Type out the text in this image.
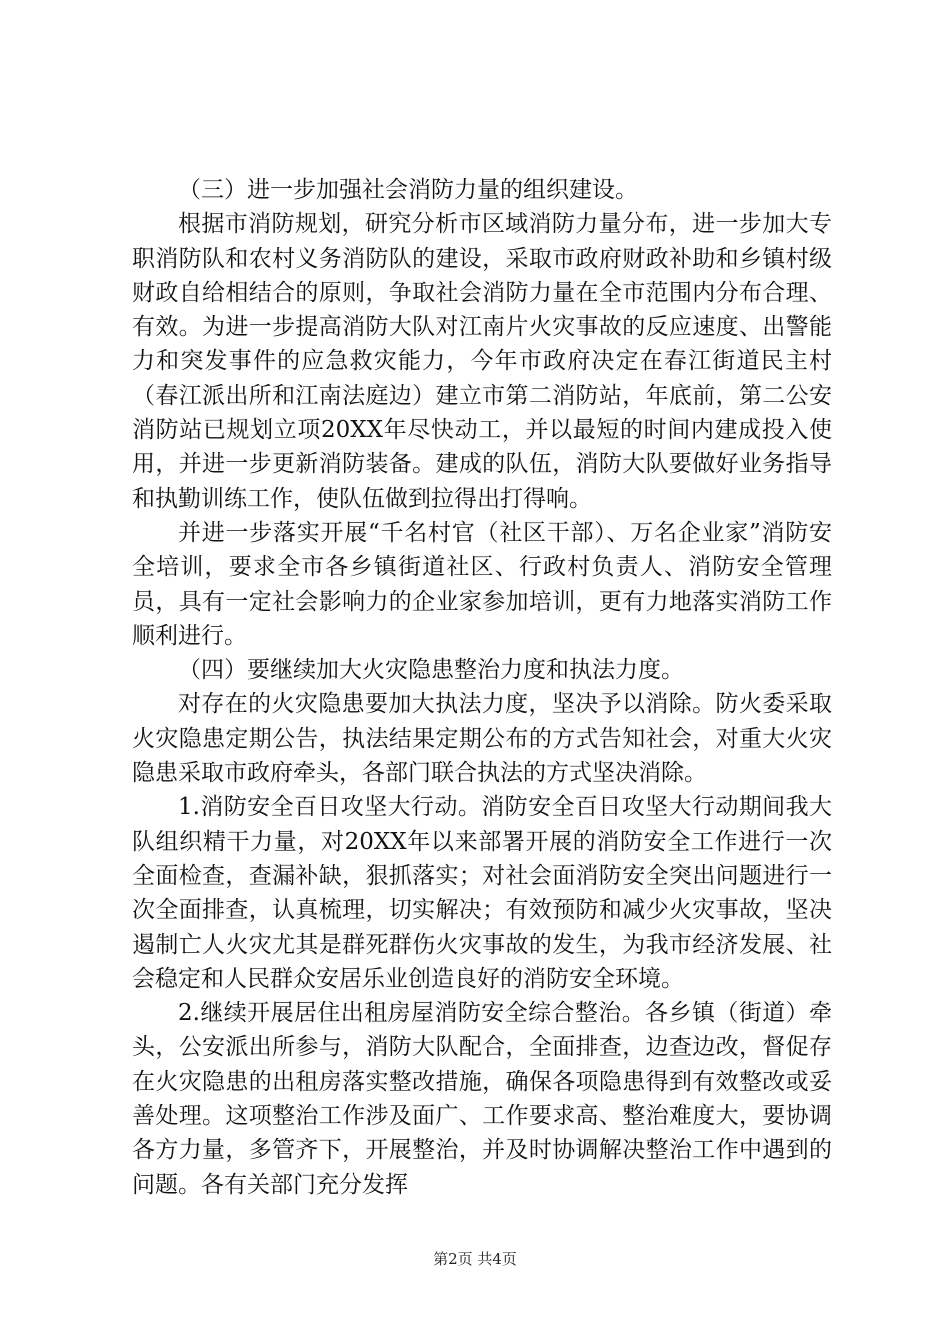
（三）进一步加强社会消防力量的组织建设。

根据市消防规划，研究分析市区域消防力量分布，进一步加大专职消防队和农村义务消防队的建设，采取市政府财政补助和乡镇村级财政自给相结合的原则，争取社会消防力量在全市范围内分布合理、有效。为进一步提高消防大队对江南片火灾事故的反应速度、出警能力和突发事件的应急救灾能力，今年市政府决定在春江街道民主村（春江派出所和江南法庭边）建立市第二消防站，年底前，第二公安消防站已规划立项20XX年尽快动工，并以最短的时间内建成投入使用，并进一步更新消防装备。建成的队伍，消防大队要做好业务指导和执勤训练工作，使队伍做到拉得出打得响。

并进一步落实开展“千名村官（社区干部）、万名企业家”消防安全培训，要求全市各乡镇街道社区、行政村负责人、消防安全管理员，具有一定社会影响力的企业家参加培训，更有力地落实消防工作顺利进行。

（四）要继续加大火灾隐患整治力度和执法力度。

对存在的火灾隐患要加大执法力度，坚决予以消除。防火委采取火灾隐患定期公告，执法结果定期公布的方式告知社会，对重大火灾隐患采取市政府牵头，各部门联合执法的方式坚决消除。

1.消防安全百日攻坚大行动。消防安全百日攻坚大行动期间我大队组织精干力量，对20XX年以来部署开展的消防安全工作进行一次全面检查，查漏补缺，狠抓落实；对社会面消防安全突出问题进行一次全面排查，认真梳理，切实解决；有效预防和减少火灾事故，坚决遏制亡人火灾尤其是群死群伤火灾事故的发生，为我市经济发展、社会稳定和人民群众安居乐业创造良好的消防安全环境。

2.继续开展居住出租房屋消防安全综合整治。各乡镇（街道）牵头，公安派出所参与，消防大队配合，全面排查，边查边改，督促存在火灾隐患的出租房落实整改措施，确保各项隐患得到有效整改或妥善处理。这项整治工作涉及面广、工作要求高、整治难度大，要协调各方力量，多管齐下，开展整治，并及时协调解决整治工作中遇到的问题。各有关部门充分发挥

第2页 共4页
